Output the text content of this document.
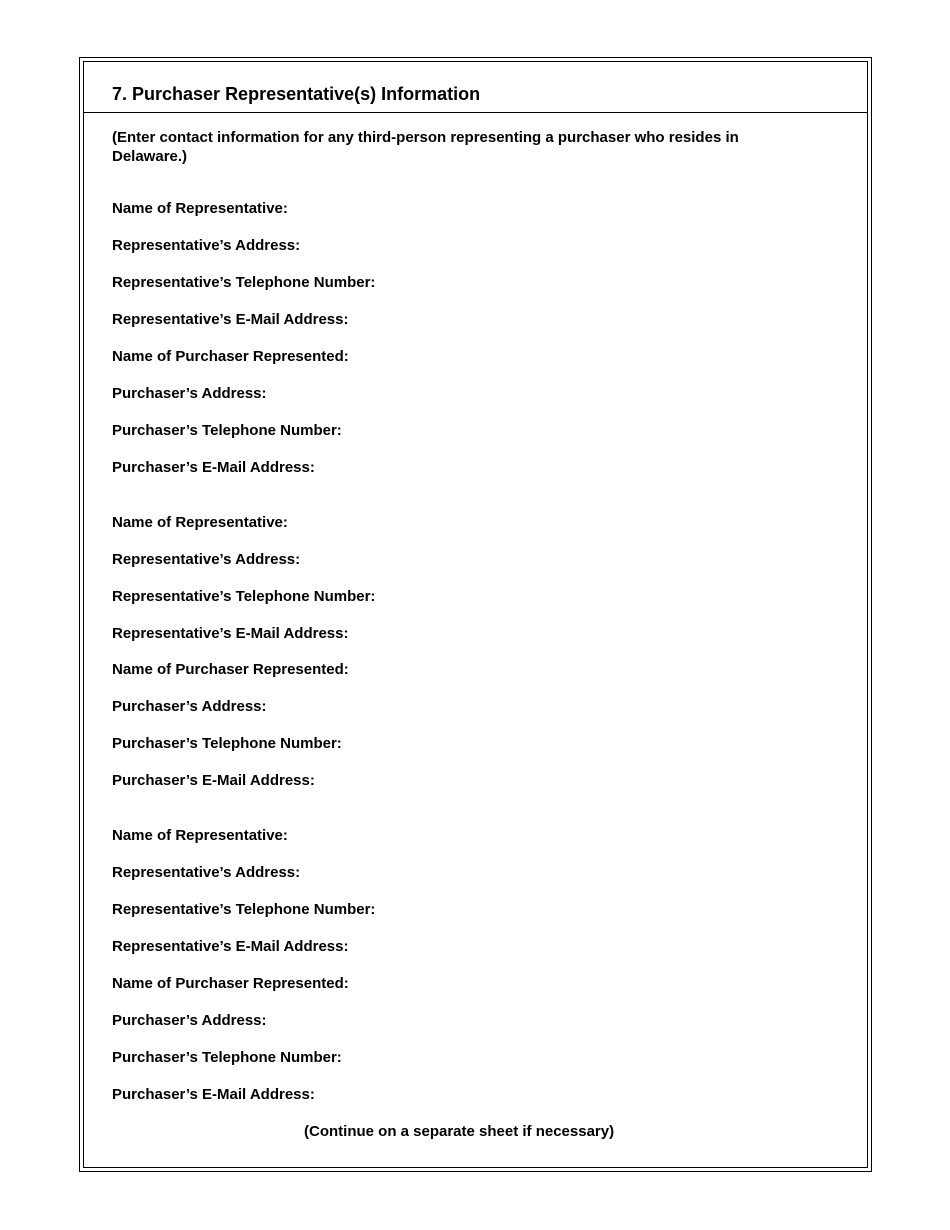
7. Purchaser Representative(s) Information
(Enter contact information for any third-person representing a purchaser who resides in Delaware.)
Name of Representative:
Representative’s Address:
Representative’s Telephone Number:
Representative’s E-Mail Address:
Name of Purchaser Represented:
Purchaser’s Address:
Purchaser’s Telephone Number:
Purchaser’s E-Mail Address:
Name of Representative:
Representative’s Address:
Representative’s Telephone Number:
Representative’s E-Mail Address:
Name of Purchaser Represented:
Purchaser’s Address:
Purchaser’s Telephone Number:
Purchaser’s E-Mail Address:
Name of Representative:
Representative’s Address:
Representative’s Telephone Number:
Representative’s E-Mail Address:
Name of Purchaser Represented:
Purchaser’s Address:
Purchaser’s Telephone Number:
Purchaser’s E-Mail Address:
(Continue on a separate sheet if necessary)
